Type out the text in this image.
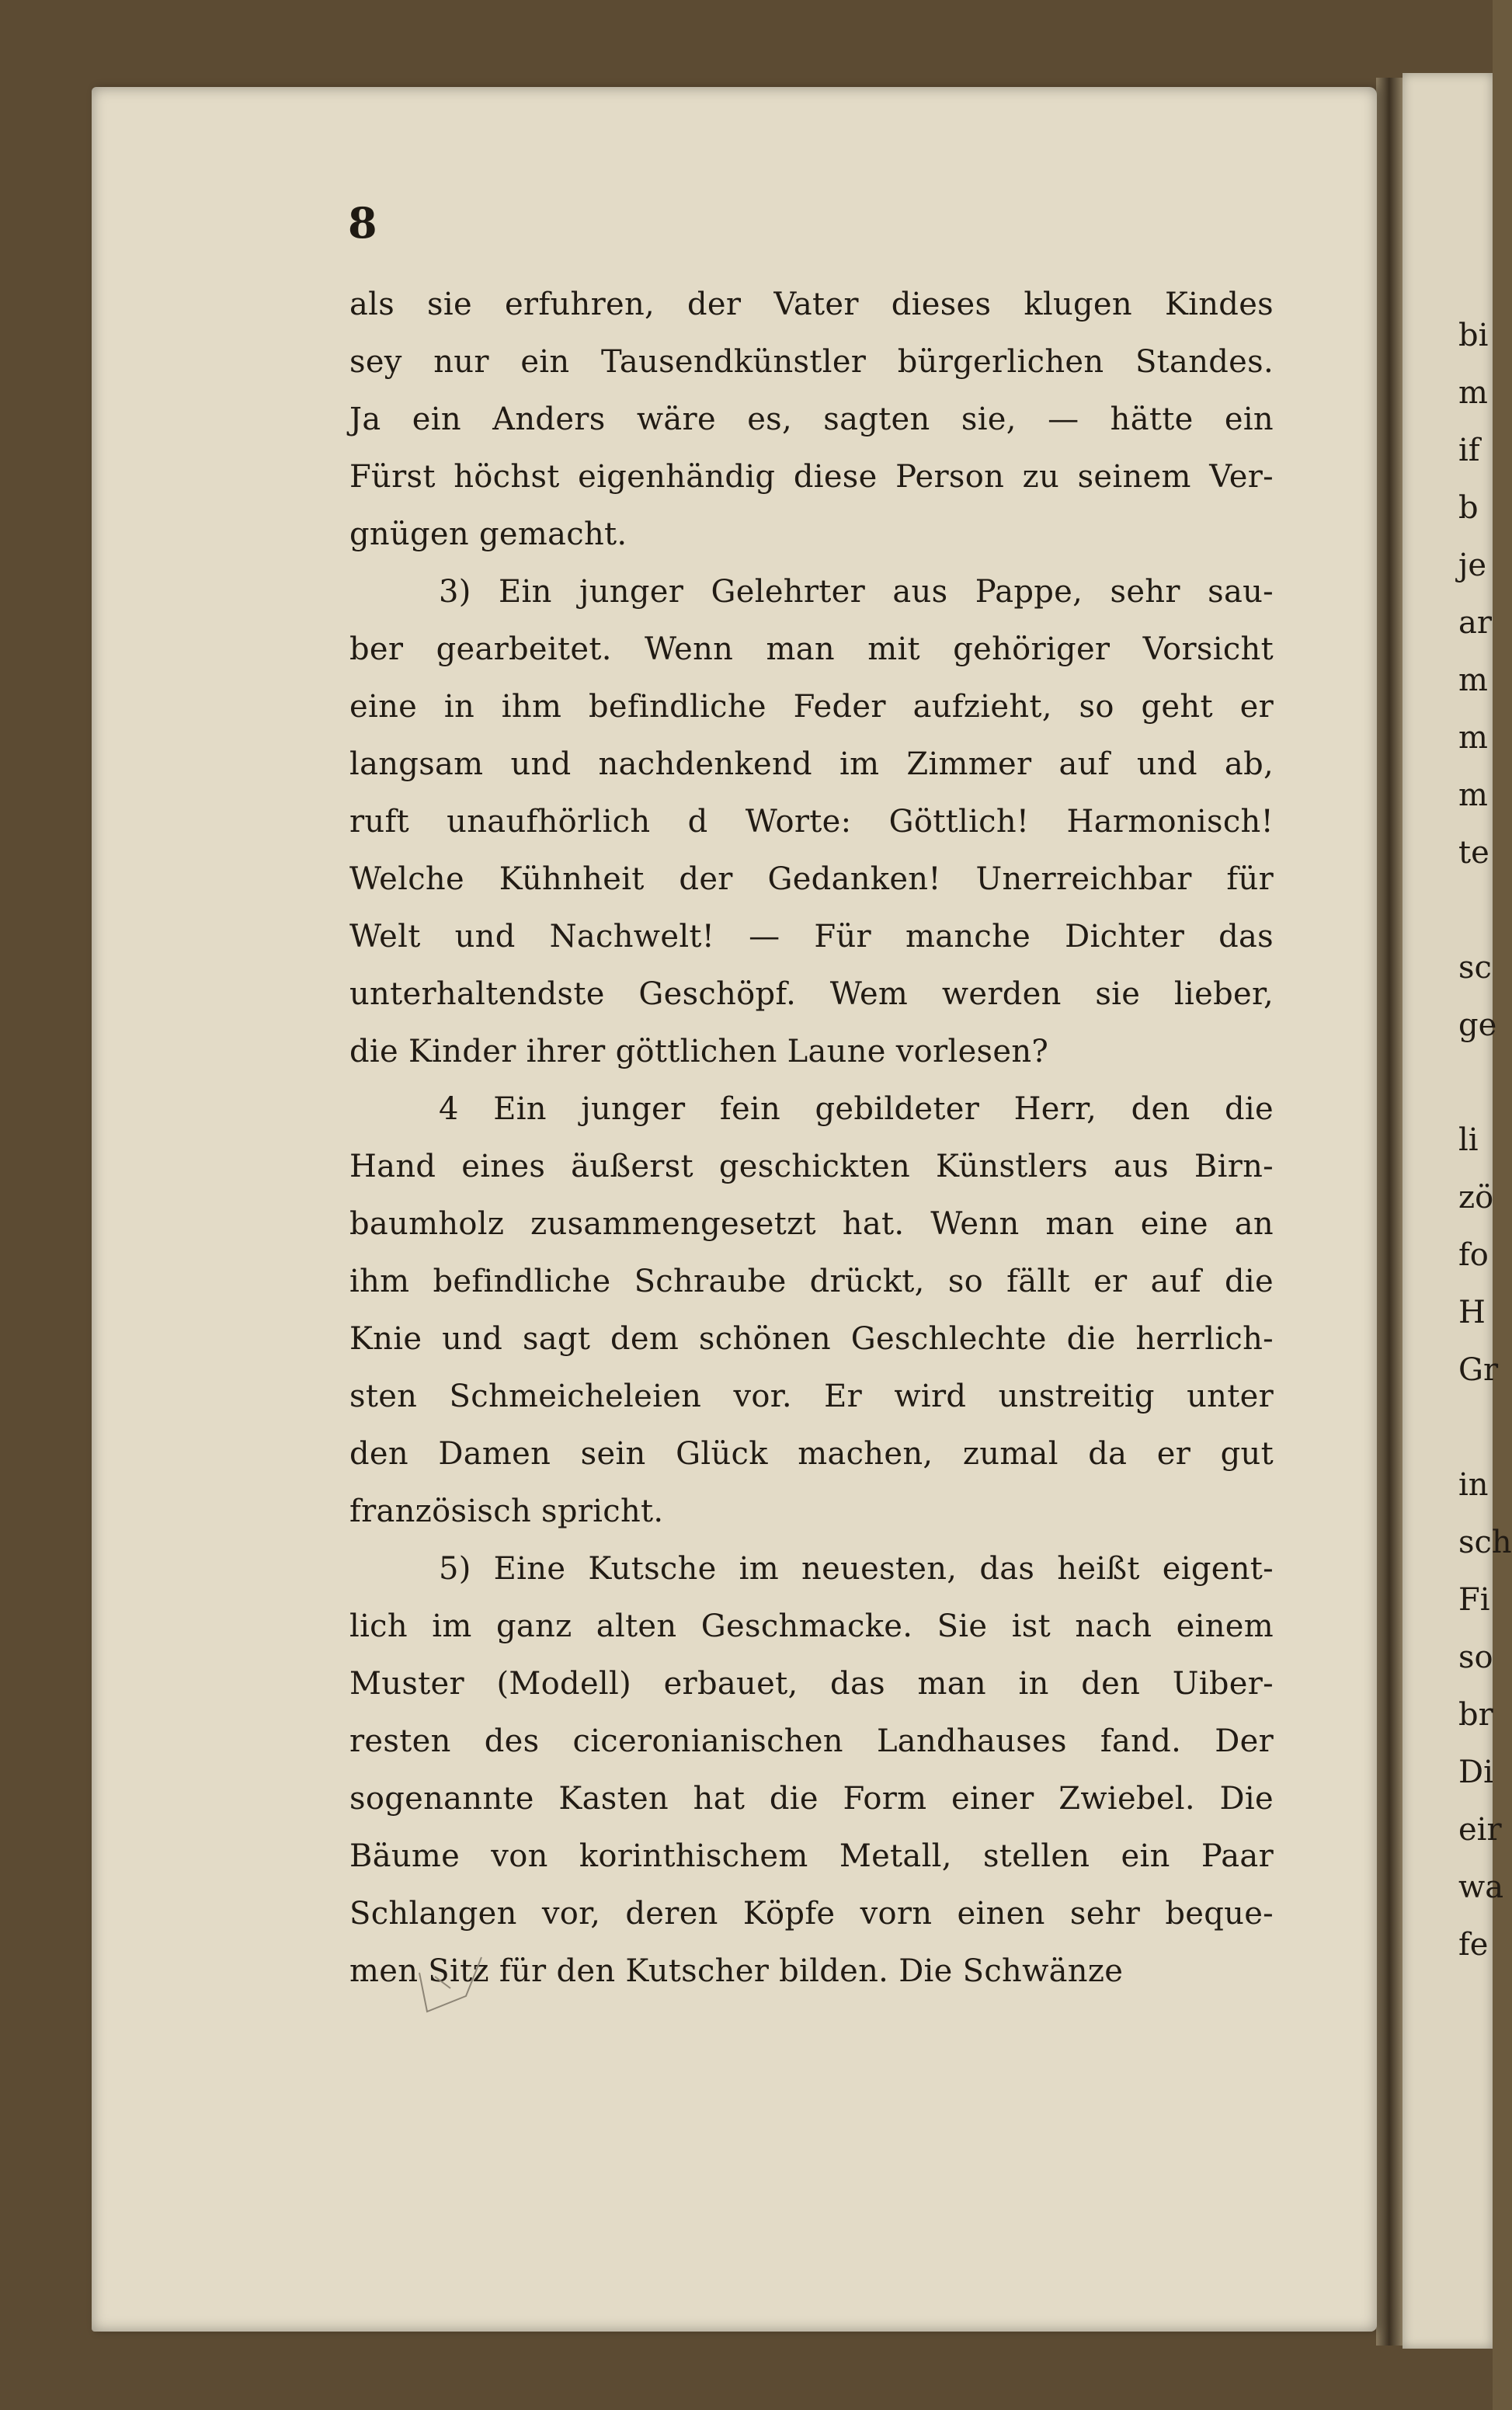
8
als sie erfuhren, der Vater dieses klugen Kindes
sey nur ein Tausendkünstler bürgerlichen Standes.
Ja ein Anders wäre es, sagten sie, — hätte ein
Fürst höchst eigenhändig diese Person zu seinem Ver-
gnügen gemacht.
3) Ein junger Gelehrter aus Pappe, sehr sau-
ber gearbeitet. Wenn man mit gehöriger Vorsicht
eine in ihm befindliche Feder aufzieht, so geht er
langsam und nachdenkend im Zimmer auf und ab,
ruft unaufhörlich d Worte: Göttlich! Harmonisch!
Welche Kühnheit der Gedanken! Unerreichbar für
Welt und Nachwelt! — Für manche Dichter das
unterhaltendste Geschöpf. Wem werden sie lieber,
die Kinder ihrer göttlichen Laune vorlesen?
4 Ein junger fein gebildeter Herr, den die
Hand eines äußerst geschickten Künstlers aus Birn-
baumholz zusammengesetzt hat. Wenn man eine an
ihm befindliche Schraube drückt, so fällt er auf die
Knie und sagt dem schönen Geschlechte die herrlich-
sten Schmeicheleien vor. Er wird unstreitig unter
den Damen sein Glück machen, zumal da er gut
französisch spricht.
5) Eine Kutsche im neuesten, das heißt eigent-
lich im ganz alten Geschmacke. Sie ist nach einem
Muster (Modell) erbauet, das man in den Uiber-
resten des ciceronianischen Landhauses fand. Der
sogenannte Kasten hat die Form einer Zwiebel. Die
Bäume von korinthischem Metall, stellen ein Paar
Schlangen vor, deren Köpfe vorn einen sehr beque-
men Sitz für den Kutscher bilden. Die Schwänze
bi
m
if
b
je
ar
m
m
m
te
sc
ge
li
zö
fo
H
Gr
in
sch
Fi
so
br
Di
eir
wa
fe
